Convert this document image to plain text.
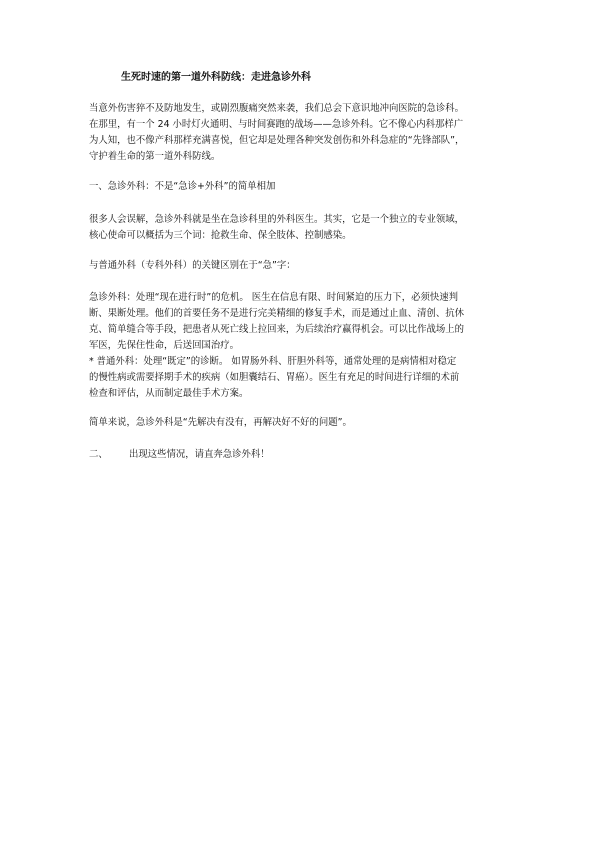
生死时速的第一道外科防线：走进急诊外科
当意外伤害猝不及防地发生，或剧烈腹痛突然来袭，我们总会下意识地冲向医院的急诊科。
在那里，有一个 24 小时灯火通明、与时间赛跑的战场——急诊外科。它不像心内科那样广
为人知，也不像产科那样充满喜悦，但它却是处理各种突发创伤和外科急症的“先锋部队”，
守护着生命的第一道外科防线。
一、急诊外科：不是“急诊+外科”的简单相加
很多人会误解，急诊外科就是坐在急诊科里的外科医生。其实，它是一个独立的专业领域，
核心使命可以概括为三个词：抢救生命、保全肢体、控制感染。
与普通外科（专科外科）的关键区别在于“急”字：
急诊外科：处理“现在进行时”的危机。 医生在信息有限、时间紧迫的压力下，必须快速判
断、果断处理。他们的首要任务不是进行完美精细的修复手术，而是通过止血、清创、抗休
克、简单缝合等手段，把患者从死亡线上拉回来，为后续治疗赢得机会。可以比作战场上的
军医，先保住性命，后送回国治疗。
* 普通外科：处理“既定”的诊断。 如胃肠外科、肝胆外科等，通常处理的是病情相对稳定
的慢性病或需要择期手术的疾病（如胆囊结石、胃癌）。医生有充足的时间进行详细的术前
检查和评估，从而制定最佳手术方案。
简单来说，急诊外科是“先解决有没有，再解决好不好的问题”。
二、 出现这些情况，请直奔急诊外科！
